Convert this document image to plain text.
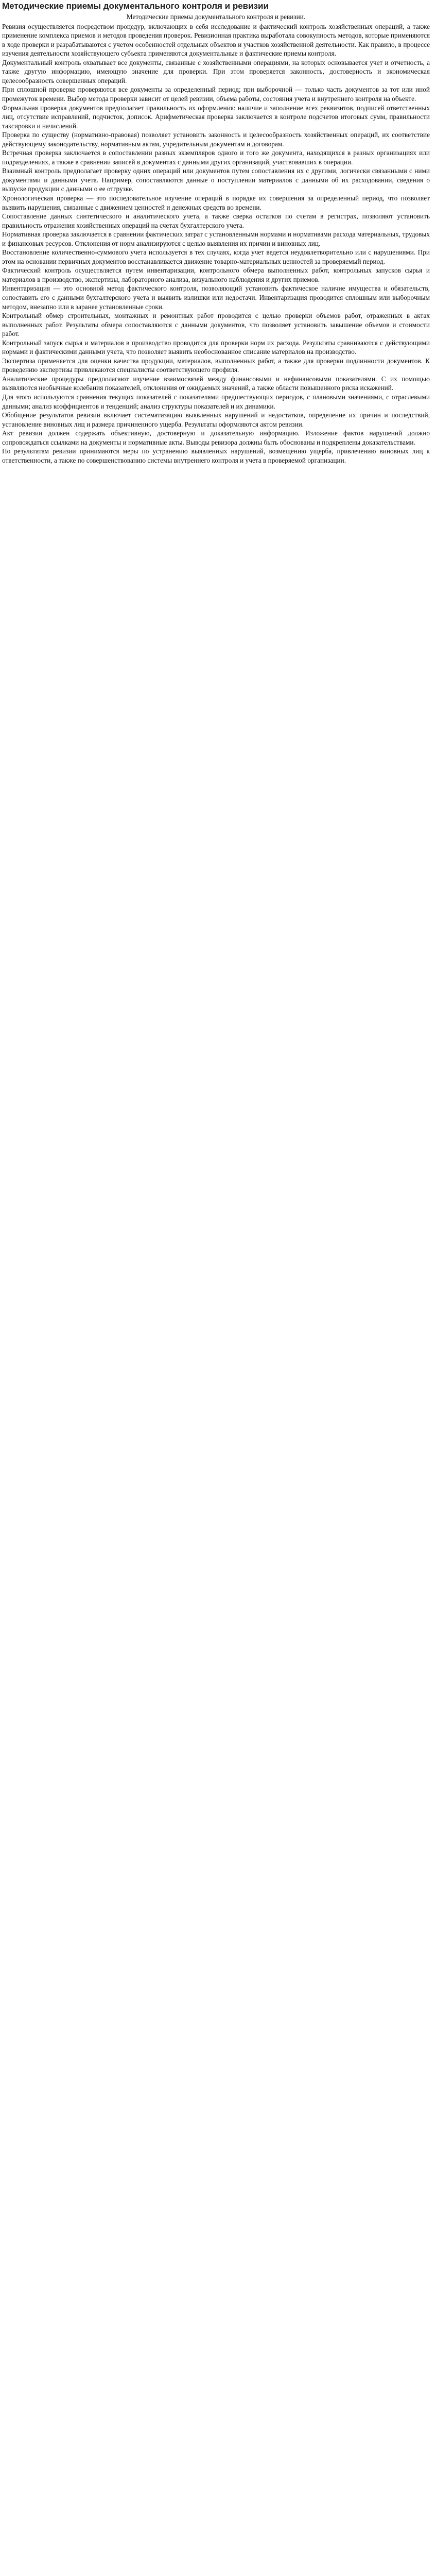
Методические приемы документального контроля и ревизии
Методические приемы документального контроля и ревизии.

Ревизия осуществляется посредством процедур, включающих в себя исследование и фактический контроль хозяйственных операций, а также применение комплекса приемов и методов проведения проверок. Ревизионная практика выработала совокупность методов, которые применяются в ходе проверки и разрабатываются с учетом особенностей отдельных объектов и участков хозяйственной деятельности. Как правило, в процессе изучения деятельности хозяйствующего субъекта применяются документальные и фактические приемы контроля.

Документальный контроль охватывает все документы, связанные с хозяйственными операциями, на которых основывается учет и отчетность, а также другую информацию, имеющую значение для проверки. При этом проверяется законность, достоверность и экономическая целесообразность совершенных операций.

При сплошной проверке проверяются все документы за определенный период; при выборочной — только часть документов за тот или иной промежуток времени. Выбор метода проверки зависит от целей ревизии, объема работы, состояния учета и внутреннего контроля на объекте.

Формальная проверка документов предполагает правильность их оформления: наличие и заполнение всех реквизитов, подписей ответственных лиц, отсутствие исправлений, подчисток, дописок. Арифметическая проверка заключается в контроле подсчетов итоговых сумм, правильности таксировки и начислений.

Проверка по существу (нормативно-правовая) позволяет установить законность и целесообразность хозяйственных операций, их соответствие действующему законодательству, нормативным актам, учредительным документам и договорам.

Встречная проверка заключается в сопоставлении разных экземпляров одного и того же документа, находящихся в разных организациях или подразделениях, а также в сравнении записей в документах с данными других организаций, участвовавших в операции.

Взаимный контроль предполагает проверку одних операций или документов путем сопоставления их с другими, логически связанными с ними документами и данными учета. Например, сопоставляются данные о поступлении материалов с данными об их расходовании, сведения о выпуске продукции с данными о ее отгрузке.

Хронологическая проверка — это последовательное изучение операций в порядке их совершения за определенный период, что позволяет выявить нарушения, связанные с движением ценностей и денежных средств во времени.

Сопоставление данных синтетического и аналитического учета, а также сверка остатков по счетам в регистрах, позволяют установить правильность отражения хозяйственных операций на счетах бухгалтерского учета.

Нормативная проверка заключается в сравнении фактических затрат с установленными нормами и нормативами расхода материальных, трудовых и финансовых ресурсов. Отклонения от норм анализируются с целью выявления их причин и виновных лиц.

Восстановление количественно-суммового учета используется в тех случаях, когда учет ведется неудовлетворительно или с нарушениями. При этом на основании первичных документов восстанавливается движение товарно-материальных ценностей за проверяемый период.

Фактический контроль осуществляется путем инвентаризации, контрольного обмера выполненных работ, контрольных запусков сырья и материалов в производство, экспертизы, лабораторного анализа, визуального наблюдения и других приемов.

Инвентаризация — это основной метод фактического контроля, позволяющий установить фактическое наличие имущества и обязательств, сопоставить его с данными бухгалтерского учета и выявить излишки или недостачи. Инвентаризация проводится сплошным или выборочным методом, внезапно или в заранее установленные сроки.

Контрольный обмер строительных, монтажных и ремонтных работ проводится с целью проверки объемов работ, отраженных в актах выполненных работ. Результаты обмера сопоставляются с данными документов, что позволяет установить завышение объемов и стоимости работ.

Контрольный запуск сырья и материалов в производство проводится для проверки норм их расхода. Результаты сравниваются с действующими нормами и фактическими данными учета, что позволяет выявить необоснованное списание материалов на производство.

Экспертиза применяется для оценки качества продукции, материалов, выполненных работ, а также для проверки подлинности документов. К проведению экспертизы привлекаются специалисты соответствующего профиля.

Аналитические процедуры предполагают изучение взаимосвязей между финансовыми и нефинансовыми показателями. С их помощью выявляются необычные колебания показателей, отклонения от ожидаемых значений, а также области повышенного риска искажений.

Для этого используются сравнения текущих показателей с показателями предшествующих периодов, с плановыми значениями, с отраслевыми данными; анализ коэффициентов и тенденций; анализ структуры показателей и их динамики.

Обобщение результатов ревизии включает систематизацию выявленных нарушений и недостатков, определение их причин и последствий, установление виновных лиц и размера причиненного ущерба. Результаты оформляются актом ревизии.

Акт ревизии должен содержать объективную, достоверную и доказательную информацию. Изложение фактов нарушений должно сопровождаться ссылками на документы и нормативные акты. Выводы ревизора должны быть обоснованы и подкреплены доказательствами.

По результатам ревизии принимаются меры по устранению выявленных нарушений, возмещению ущерба, привлечению виновных лиц к ответственности, а также по совершенствованию системы внутреннего контроля и учета в проверяемой организации.
